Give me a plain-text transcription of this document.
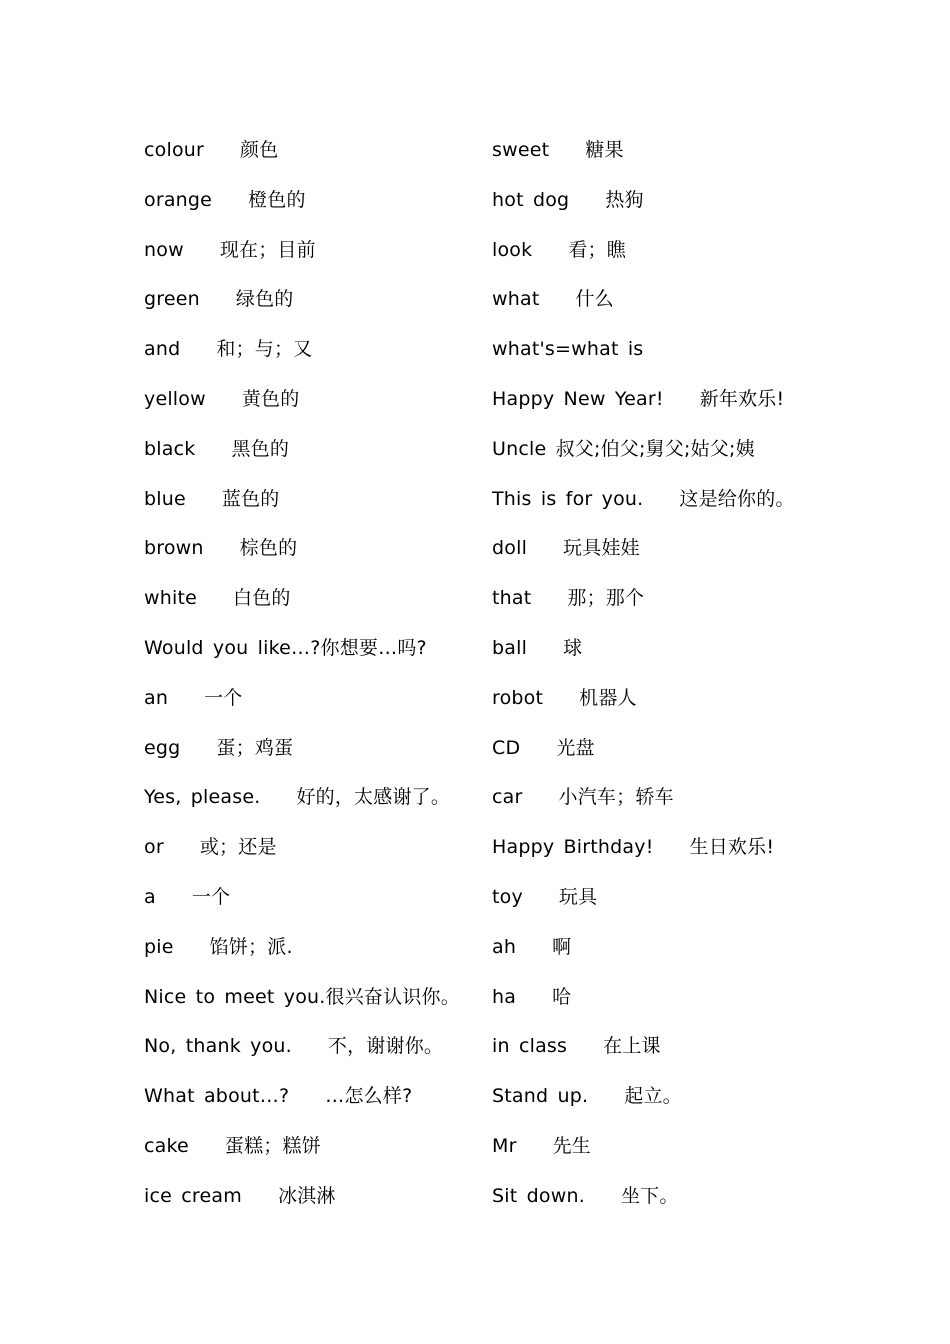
colour 颜色
orange 橙色的
now 现在；目前
green 绿色的
and 和；与；又
yellow 黄色的
black 黑色的
blue 蓝色的
brown 棕色的
white 白色的
Would you like…?你想要…吗?
an 一个
egg 蛋；鸡蛋
Yes, please. 好的，太感谢了。
or 或；还是
a 一个
pie 馅饼；派.
Nice to meet you.很兴奋认识你。
No, thank you. 不，谢谢你。
What about…? …怎么样?
cake 蛋糕；糕饼
ice cream 冰淇淋
sweet 糖果
hot dog 热狗
look 看；瞧
what 什么
what's=what is
Happy New Year! 新年欢乐!
Uncle 叔父;伯父;舅父;姑父;姨
This is for you. 这是给你的。
doll 玩具娃娃
that 那；那个
ball 球
robot 机器人
CD 光盘
car 小汽车；轿车
Happy Birthday! 生日欢乐!
toy 玩具
ah 啊
ha 哈
in class 在上课
Stand up. 起立。
Mr 先生
Sit down. 坐下。
